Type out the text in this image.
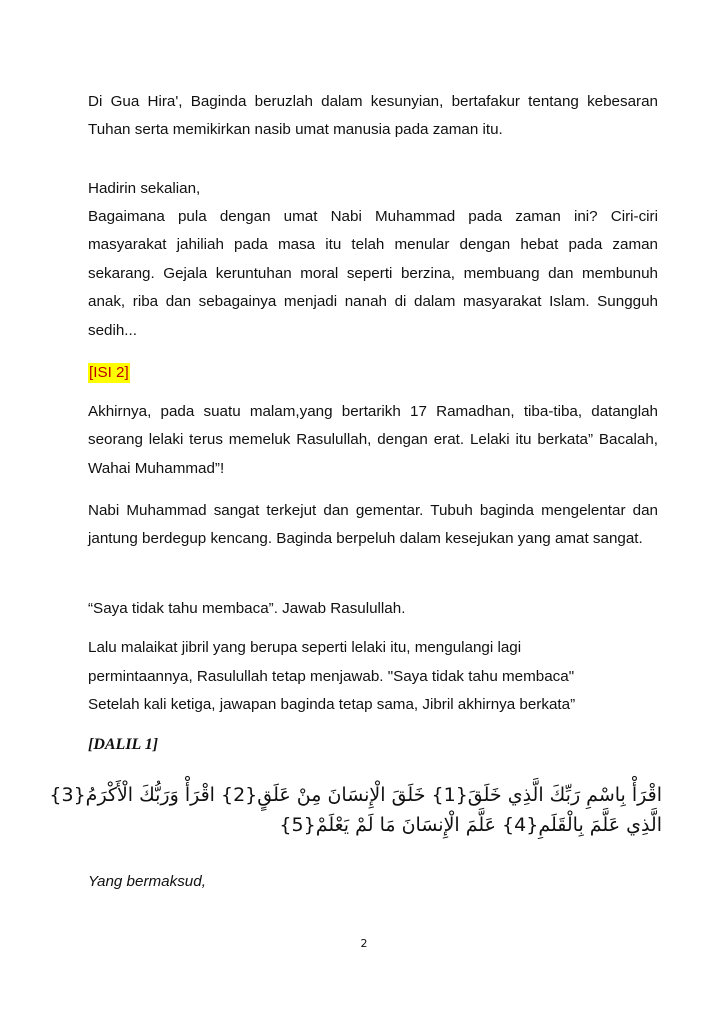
Di Gua Hira', Baginda beruzlah dalam kesunyian, bertafakur tentang kebesaran Tuhan serta memikirkan nasib umat manusia pada zaman itu.

Hadirin sekalian,

Bagaimana pula dengan umat Nabi Muhammad pada zaman ini? Ciri-ciri masyarakat jahiliah pada masa itu telah menular dengan hebat pada zaman sekarang. Gejala keruntuhan moral seperti berzina, membuang dan membunuh anak, riba dan sebagainya menjadi nanah di dalam masyarakat Islam. Sungguh sedih...

[ISI 2]

Akhirnya, pada suatu malam,yang bertarikh 17 Ramadhan, tiba-tiba, datanglah seorang lelaki terus memeluk Rasulullah, dengan erat. Lelaki itu berkata” Bacalah, Wahai Muhammad”!

Nabi Muhammad sangat terkejut dan gementar. Tubuh baginda mengelentar dan jantung berdegup kencang. Baginda berpeluh dalam kesejukan yang amat sangat.

“Saya tidak tahu membaca”. Jawab Rasulullah.

Lalu malaikat jibril yang berupa seperti lelaki itu, mengulangi lagi

permintaannya, Rasulullah tetap menjawab. "Saya tidak tahu membaca"

Setelah kali ketiga, jawapan baginda tetap sama, Jibril akhirnya berkata”

[DALIL 1]

اقْرَأْ بِاسْمِ رَبِّكَ الَّذِي خَلَقَ{1} خَلَقَ الْإِنسَانَ مِنْ عَلَقٍ{2} اقْرَأْ وَرَبُّكَ الْأَكْرَمُ{3}
الَّذِي عَلَّمَ بِالْقَلَمِ{4} عَلَّمَ الْإِنسَانَ مَا لَمْ يَعْلَمْ{5}

Yang bermaksud,

2
